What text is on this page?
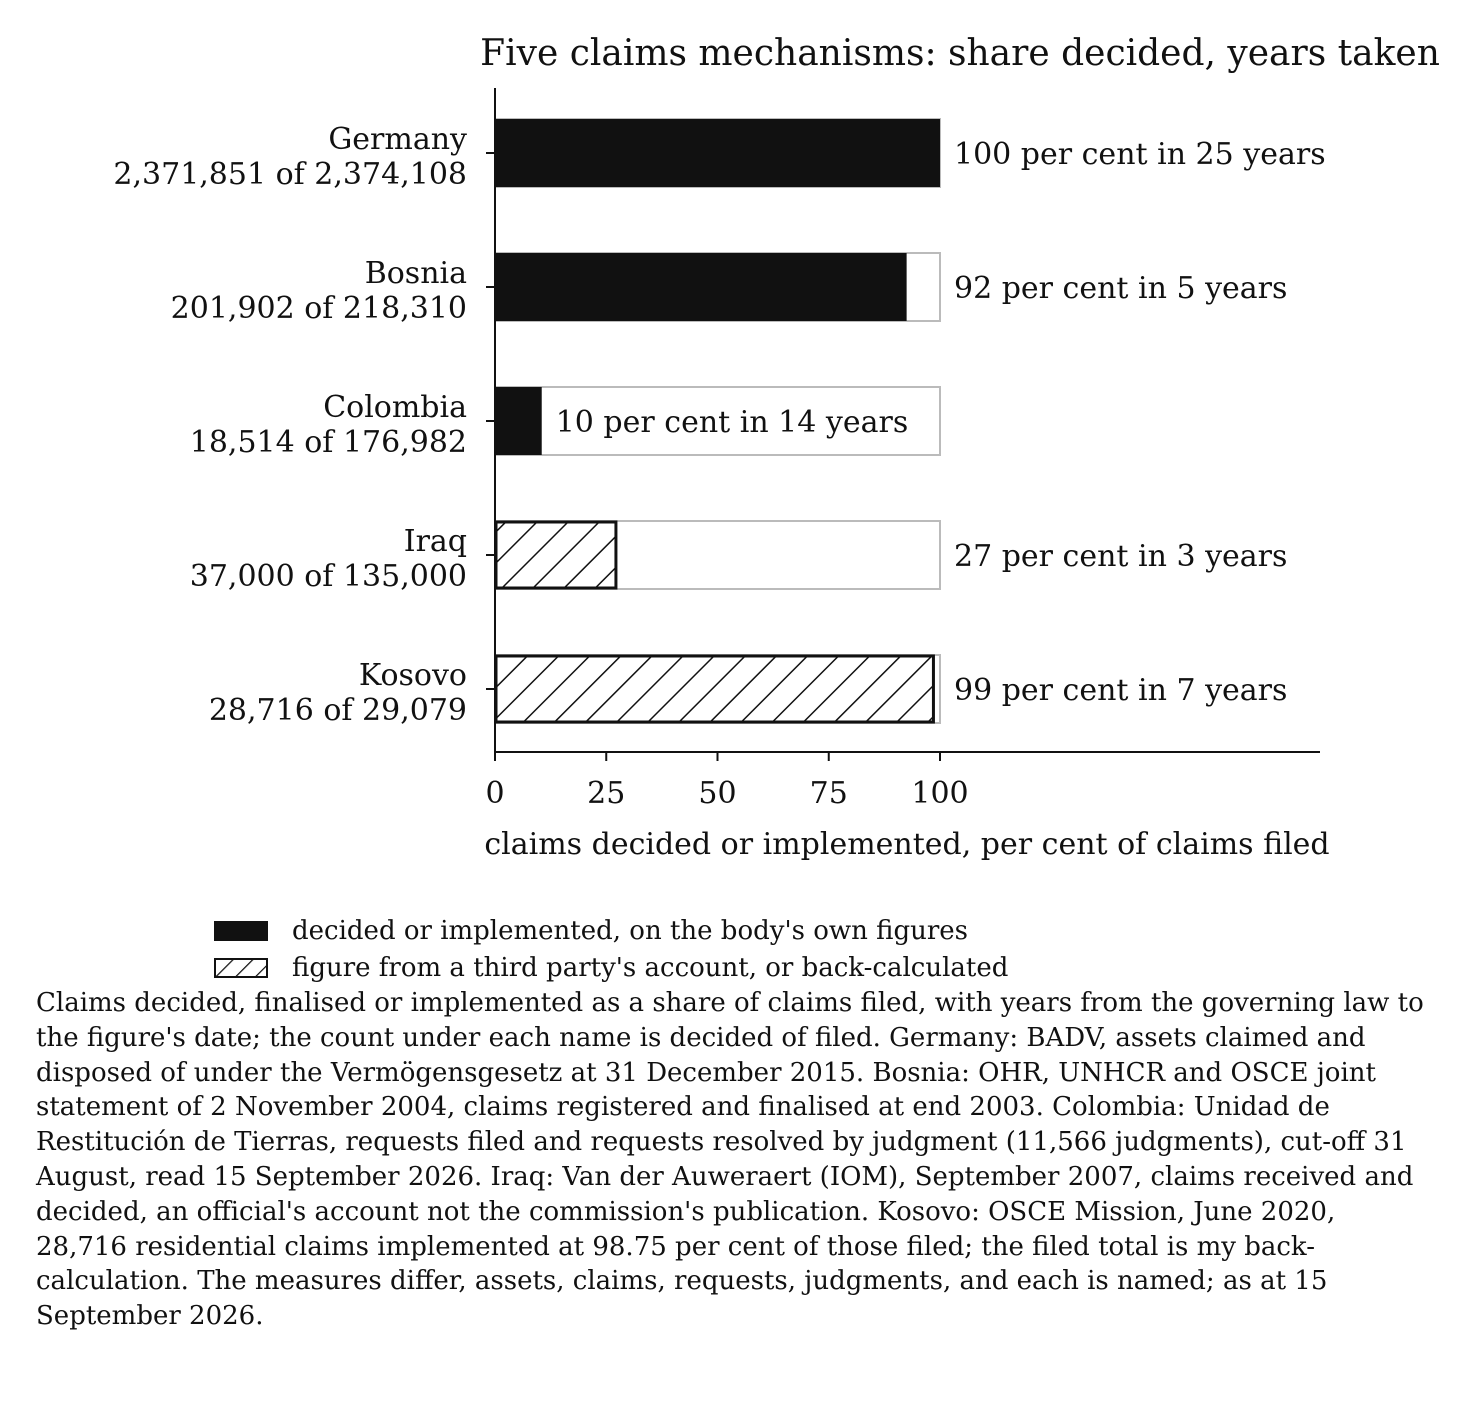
Five claims mechanisms: share decided, years taken
100 per cent in 25 years
Germany
2,371,851 of 2,374,108
92 per cent in 5 years
Bosnia
201,902 of 218,310
10 per cent in 14 years
Colombia
18,514 of 176,982
27 per cent in 3 years
Iraq
37,000 of 135,000
99 per cent in 7 years
Kosovo
28,716 of 29,079
0	25 50 75 100
claims decided or implemented, per cent of claims filed
decided or implemented, on the body's own figures
figure from a third party's account, or back-calculated

Claims decided, finalised or implemented as a share of claims filed, with years from the governing law to the figure's date; the count under each name is decided of filed. Germany: BADV, assets claimed and disposed of under the Vermögensgesetz at 31 December 2015. Bosnia: OHR, UNHCR and OSCE joint statement of 2 November 2004, claims registered and finalised at end 2003. Colombia: Unidad de Restitución de Tierras, requests filed and requests resolved by judgment (11,566 judgments), cut-off 31 August, read 15 September 2026. Iraq: Van der Auweraert (IOM), September 2007, claims received and decided, an official's account not the commission's publication. Kosovo: OSCE Mission, June 2020, 28,716 residential claims implemented at 98.75 per cent of those filed; the filed total is my back-calculation. The measures differ, assets, claims, requests, judgments, and each is named; as at 15 September 2026.
